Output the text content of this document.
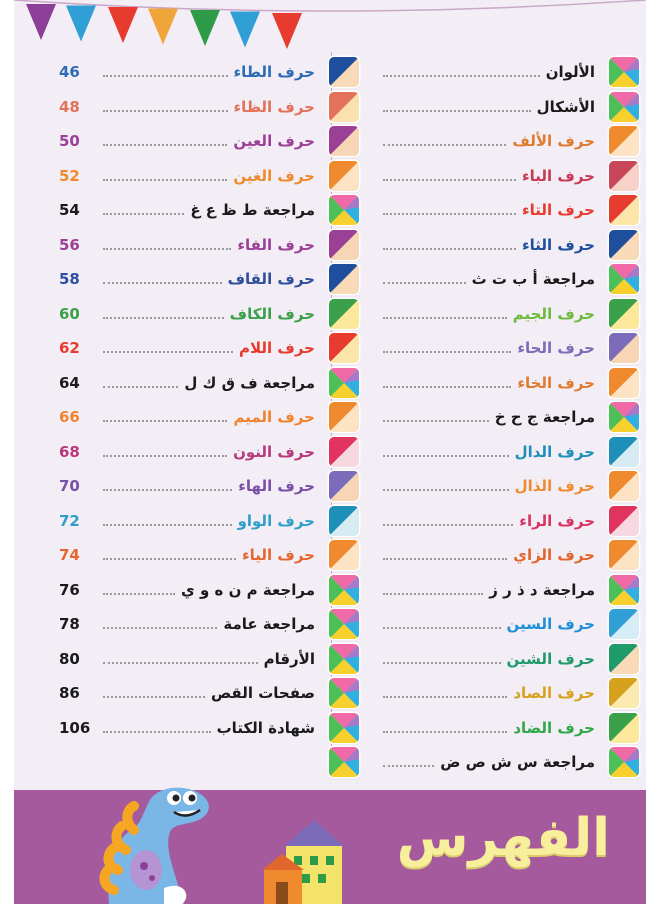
الألوان
الأشكال
حرف الألف
حرف الباء
حرف التاء
حرف الثاء
مراجعة أ ب ت ث
حرف الجيم
حرف الحاء
حرف الخاء
مراجعة ج ح خ
حرف الدال
حرف الذال
حرف الراء
حرف الزاي
مراجعة د ذ ر ز
حرف السين
حرف الشين
حرف الصاد
حرف الضاد
مراجعة س ش ص ض
حرف الطاء
46
حرف الظاء
48
حرف العين
50
حرف الغين
52
مراجعة ط ظ ع غ
54
حرف الفاء
56
حرف القاف
58
حرف الكاف
60
حرف اللام
62
مراجعة ف ق ك ل
64
حرف الميم
66
حرف النون
68
حرف الهاء
70
حرف الواو
72
حرف الياء
74
مراجعة م ن ه و ي
76
مراجعة عامة
78
الأرقام
80
صفحات القص
86
شهادة الكتاب
106
الفهرس
